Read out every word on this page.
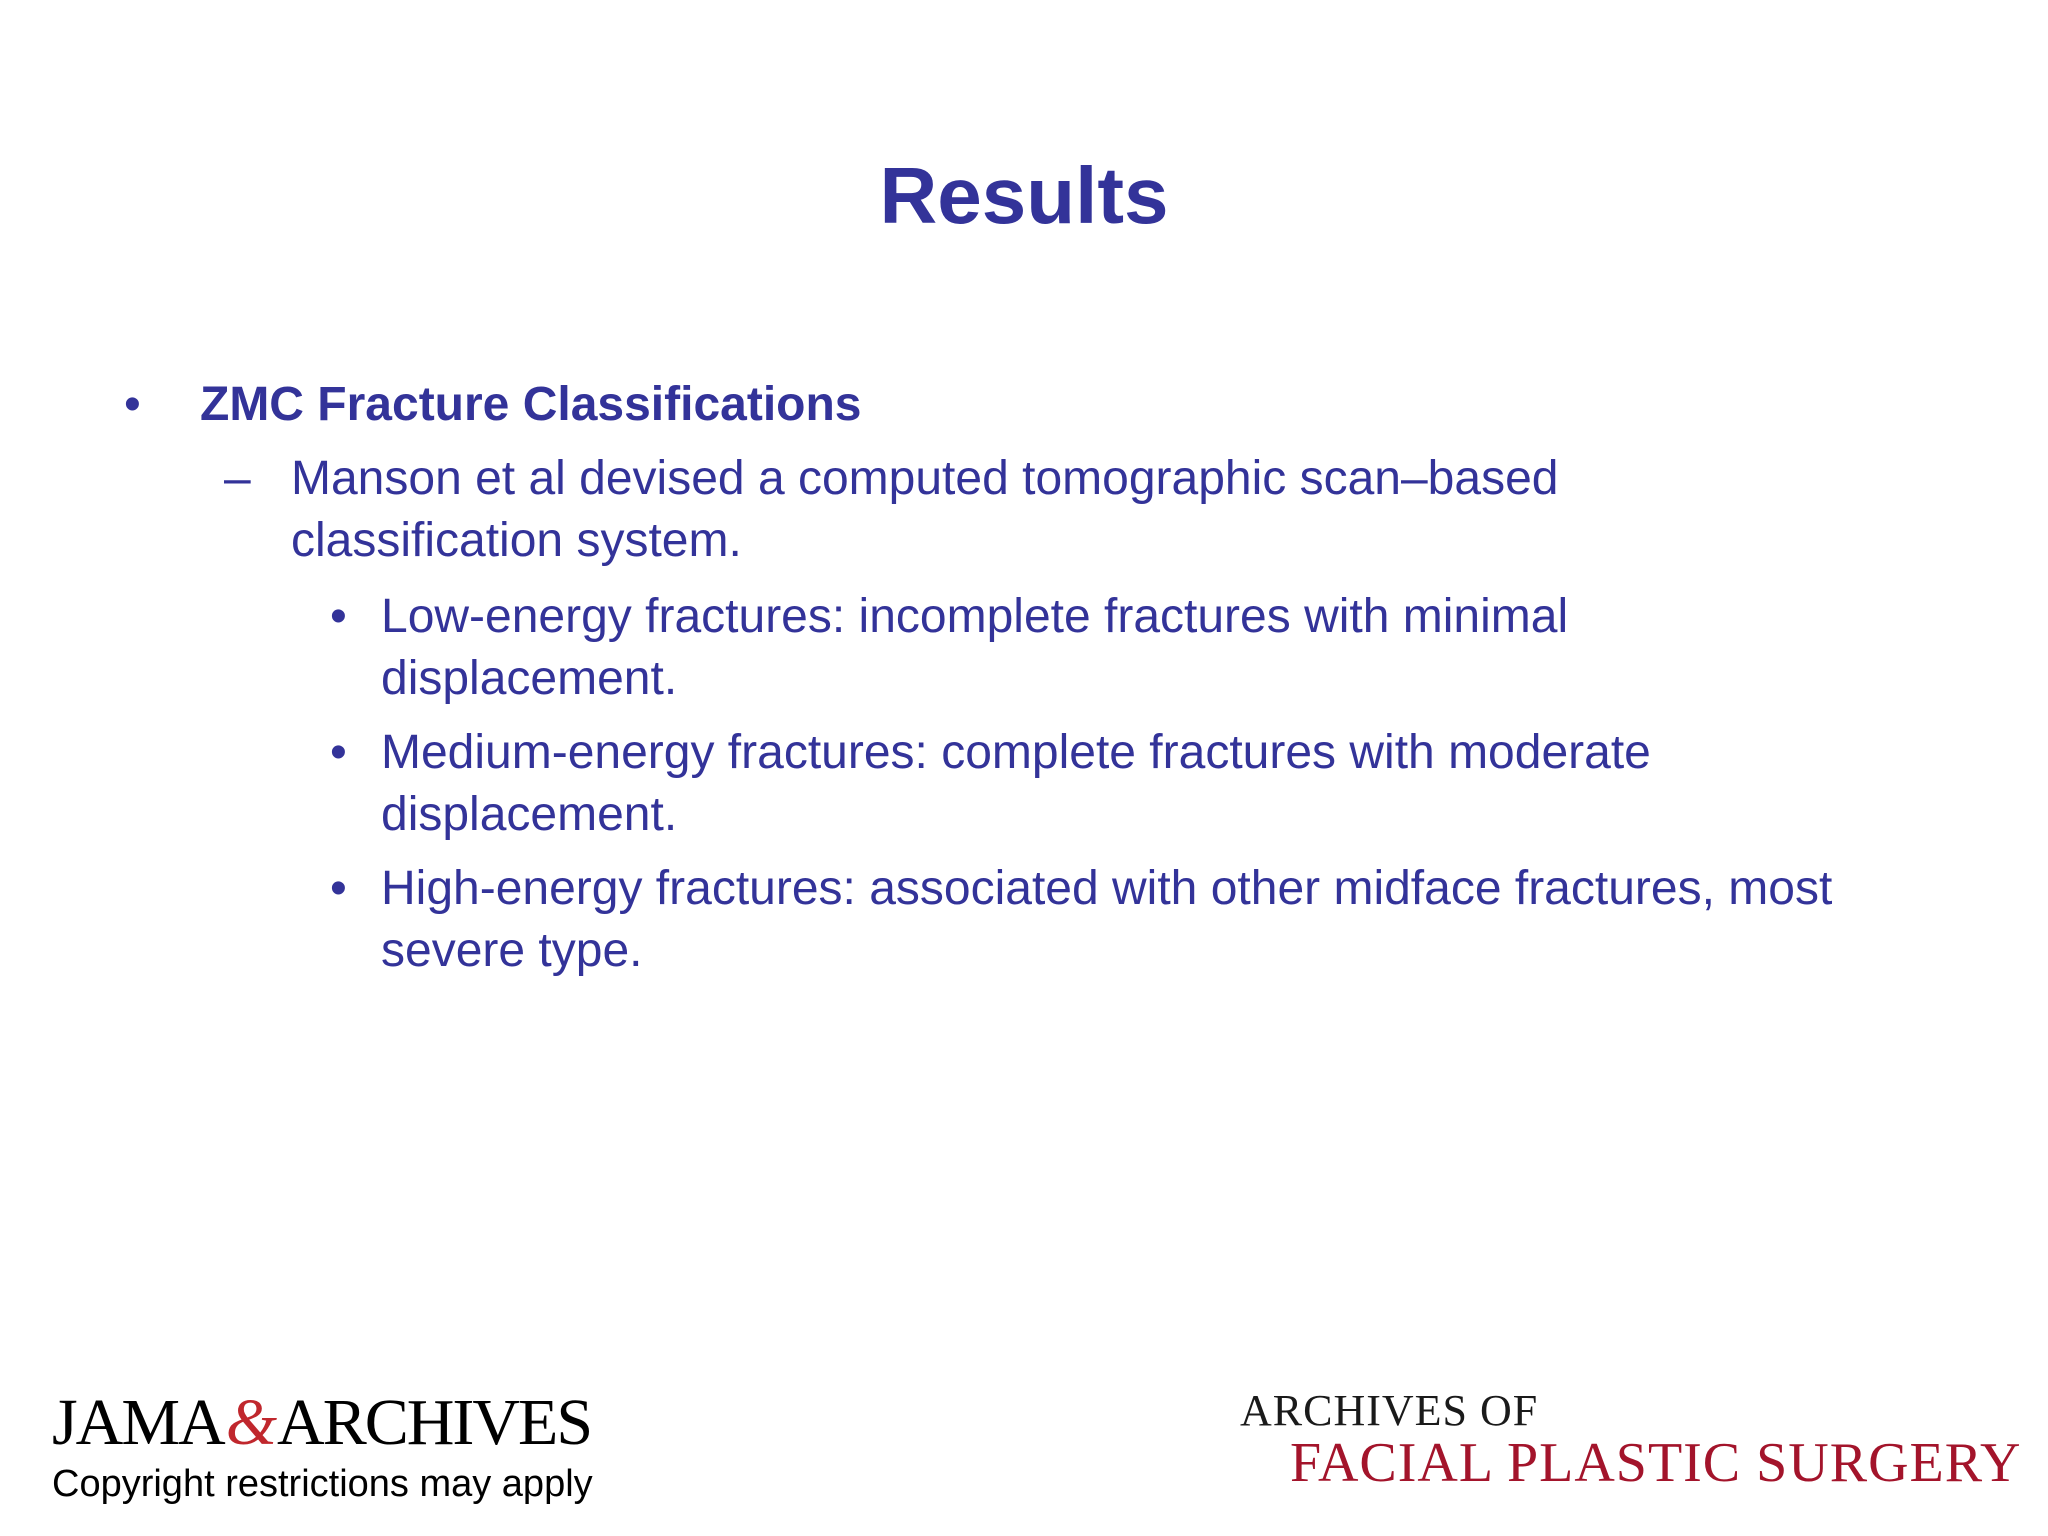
Results
• ZMC Fracture Classifications
– Manson et al devised a computed tomographic scan–based classification system.
• Low-energy fractures: incomplete fractures with minimal displacement.
• Medium-energy fractures: complete fractures with moderate displacement.
• High-energy fractures: associated with other midface fractures, most severe type.
JAMA&ARCHIVES
Copyright restrictions may apply
ARCHIVES OF
FACIAL PLASTIC SURGERY
